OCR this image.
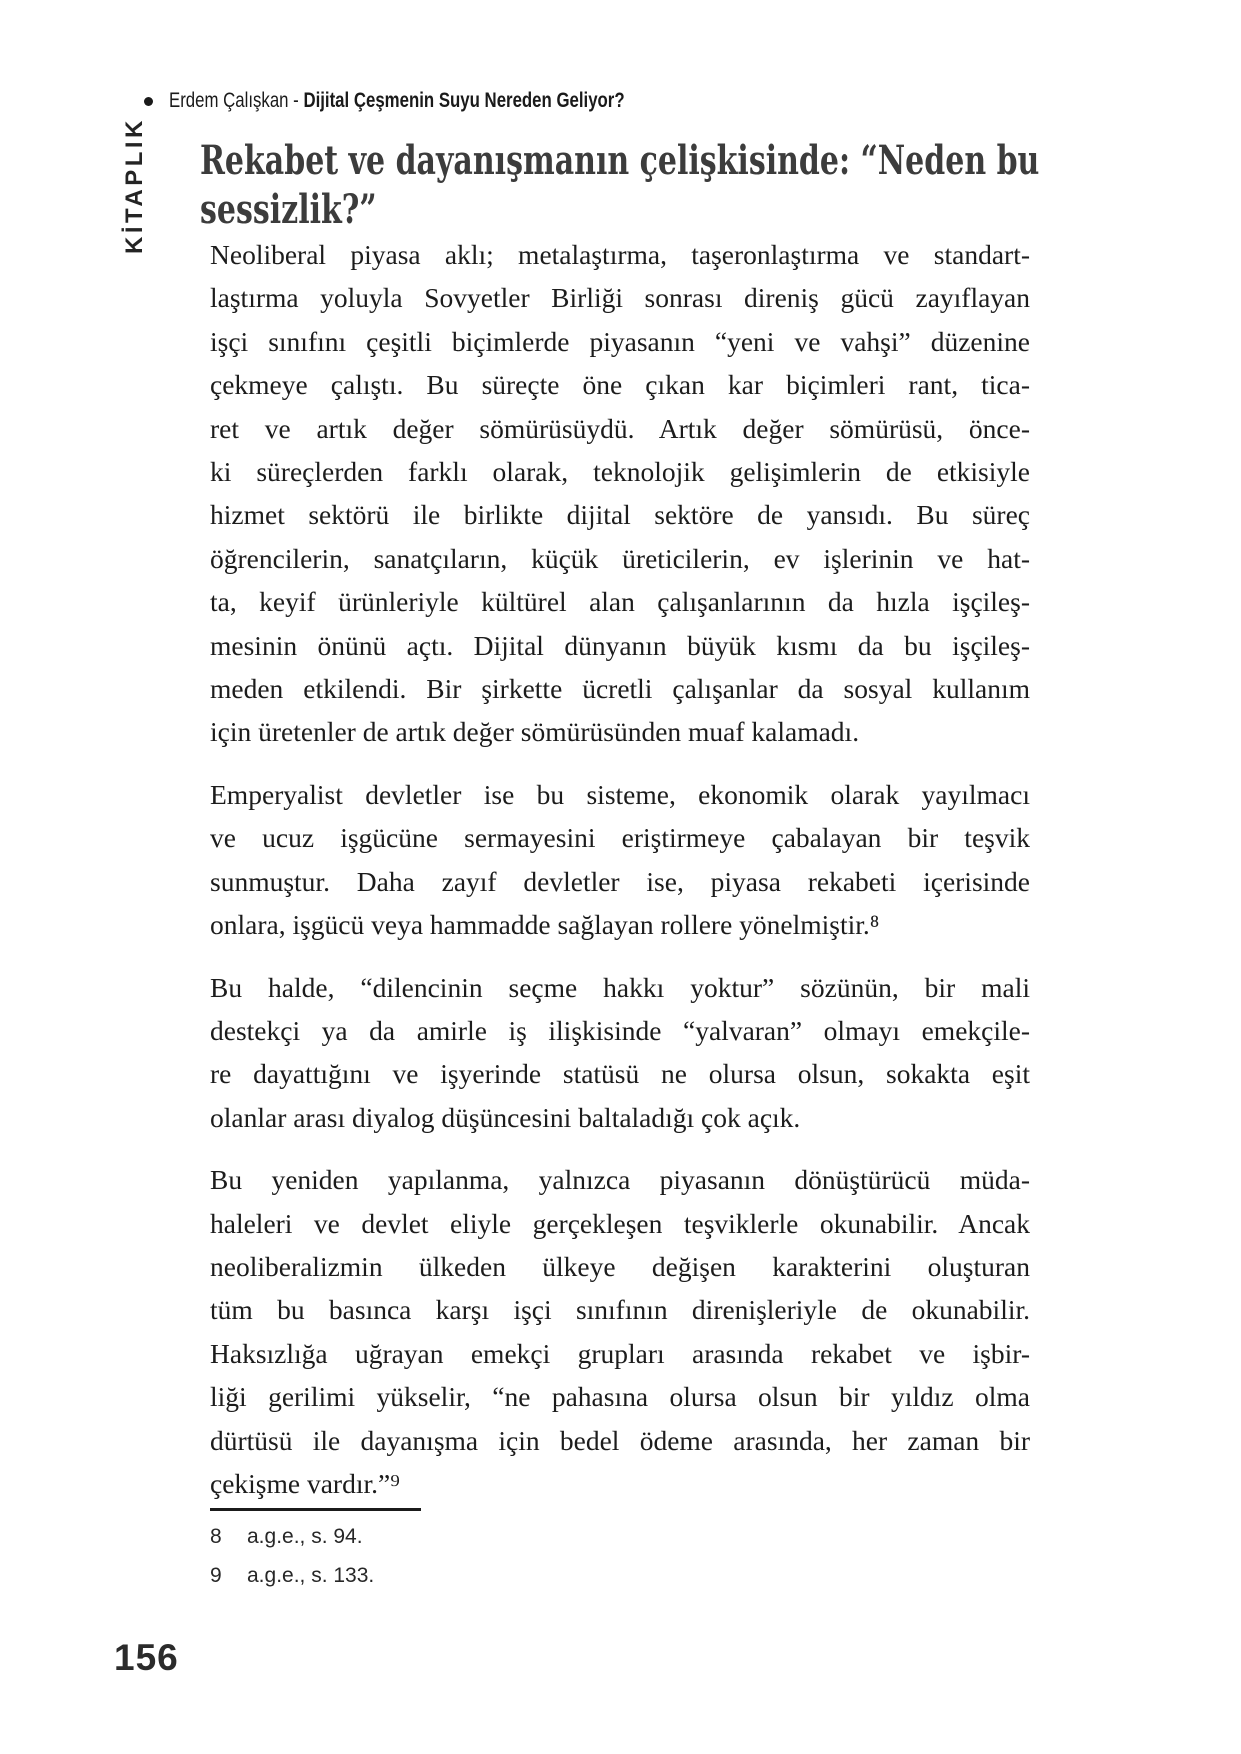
Erdem Çalışkan - Dijital Çeşmenin Suyu Nereden Geliyor?
KİTAPLIK Rekabet ve dayanışmanın çelişkisinde: “Neden bu
sessizlik?”
Neoliberal piyasa aklı; metalaştırma, taşeronlaştırma ve standart-
laştırma yoluyla Sovyetler Birliği sonrası direniş gücü zayıflayan
işçi sınıfını çeşitli biçimlerde piyasanın “yeni ve vahşi” düzenine
çekmeye çalıştı. Bu süreçte öne çıkan kar biçimleri rant, tica-
ret ve artık değer sömürüsüydü. Artık değer sömürüsü, önce-
ki süreçlerden farklı olarak, teknolojik gelişimlerin de etkisiyle
hizmet sektörü ile birlikte dijital sektöre de yansıdı. Bu süreç
öğrencilerin, sanatçıların, küçük üreticilerin, ev işlerinin ve hat-
ta, keyif ürünleriyle kültürel alan çalışanlarının da hızla işçileş-
mesinin önünü açtı. Dijital dünyanın büyük kısmı da bu işçileş-
meden etkilendi. Bir şirkette ücretli çalışanlar da sosyal kullanım
için üretenler de artık değer sömürüsünden muaf kalamadı.
Emperyalist devletler ise bu sisteme, ekonomik olarak yayılmacı
ve ucuz işgücüne sermayesini eriştirmeye çabalayan bir teşvik
sunmuştur. Daha zayıf devletler ise, piyasa rekabeti içerisinde
onlara, işgücü veya hammadde sağlayan rollere yönelmiştir.⁸
Bu halde, “dilencinin seçme hakkı yoktur” sözünün, bir mali
destekçi ya da amirle iş ilişkisinde “yalvaran” olmayı emekçile-
re dayattığını ve işyerinde statüsü ne olursa olsun, sokakta eşit
olanlar arası diyalog düşüncesini baltaladığı çok açık.
Bu yeniden yapılanma, yalnızca piyasanın dönüştürücü müda-
haleleri ve devlet eliyle gerçekleşen teşviklerle okunabilir. Ancak
neoliberalizmin ülkeden ülkeye değişen karakterini oluşturan
tüm bu basınca karşı işçi sınıfının direnişleriyle de okunabilir.
Haksızlığa uğrayan emekçi grupları arasında rekabet ve işbir-
liği gerilimi yükselir, “ne pahasına olursa olsun bir yıldız olma
dürtüsü ile dayanışma için bedel ödeme arasında, her zaman bir
çekişme vardır.”⁹
8	a.g.e., s. 94.
9	a.g.e., s. 133.
156
